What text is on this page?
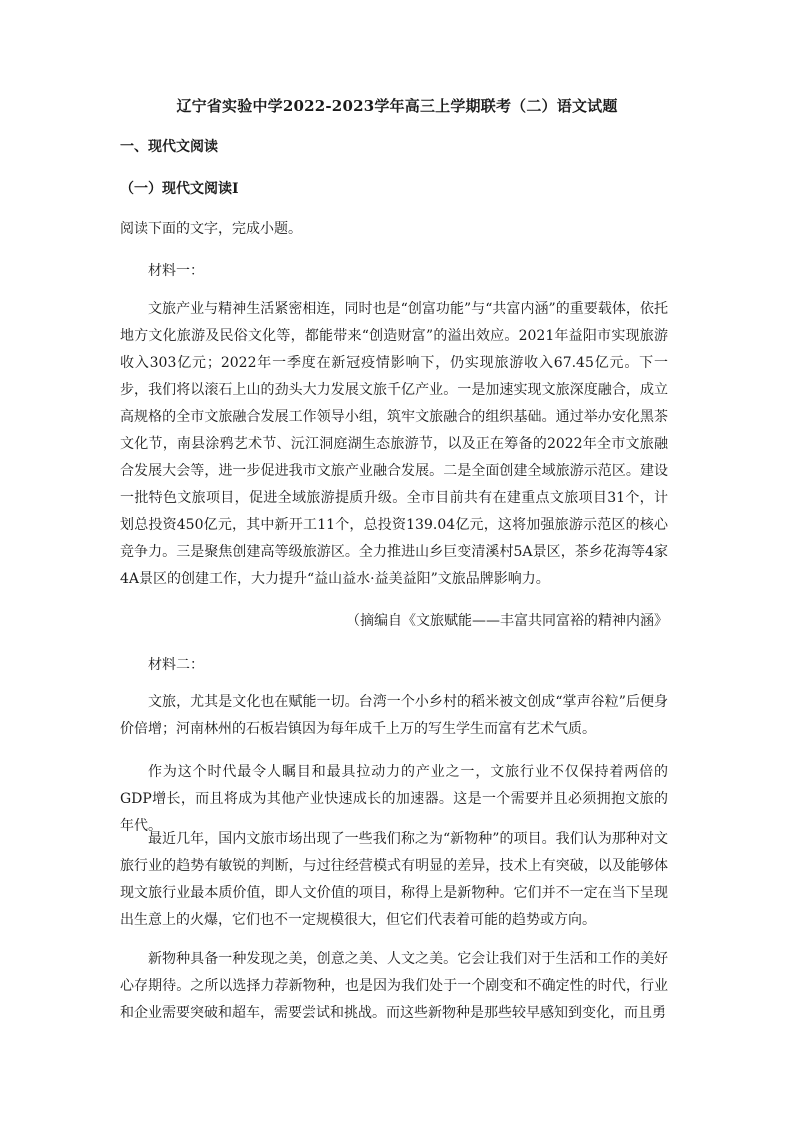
辽宁省实验中学2022-2023学年高三上学期联考（二）语文试题
一、现代文阅读
（一）现代文阅读Ⅰ
阅读下面的文字，完成小题。
材料一：

文旅产业与精神生活紧密相连，同时也是“创富功能”与“共富内涵”的重要载体，依托地方文化旅游及民俗文化等，都能带来“创造财富”的溢出效应。2021年益阳市实现旅游收入303亿元；2022年一季度在新冠疫情影响下，仍实现旅游收入67.45亿元。下一步，我们将以滚石上山的劲头大力发展文旅千亿产业。一是加速实现文旅深度融合，成立高规格的全市文旅融合发展工作领导小组，筑牢文旅融合的组织基础。通过举办安化黑茶文化节，南县涂鸦艺术节、沅江洞庭湖生态旅游节，以及正在筹备的2022年全市文旅融合发展大会等，进一步促进我市文旅产业融合发展。二是全面创建全域旅游示范区。建设一批特色文旅项目，促进全域旅游提质升级。全市目前共有在建重点文旅项目31个，计划总投资450亿元，其中新开工11个，总投资139.04亿元，这将加强旅游示范区的核心竞争力。三是聚焦创建高等级旅游区。全力推进山乡巨变清溪村5A景区，茶乡花海等4家4A景区的创建工作，大力提升“益山益水·益美益阳”文旅品牌影响力。

（摘编自《文旅赋能——丰富共同富裕的精神内涵》
材料二：

文旅，尤其是文化也在赋能一切。台湾一个小乡村的稻米被文创成“掌声谷粒”后便身价倍增；河南林州的石板岩镇因为每年成千上万的写生学生而富有艺术气质。

作为这个时代最令人瞩目和最具拉动力的产业之一，文旅行业不仅保持着两倍的GDP增长，而且将成为其他产业快速成长的加速器。这是一个需要并且必须拥抱文旅的年代。

最近几年，国内文旅市场出现了一些我们称之为“新物种”的项目。我们认为那种对文旅行业的趋势有敏锐的判断，与过往经营模式有明显的差异，技术上有突破，以及能够体现文旅行业最本质价值，即人文价值的项目，称得上是新物种。它们并不一定在当下呈现出生意上的火爆，它们也不一定规模很大，但它们代表着可能的趋势或方向。

新物种具备一种发现之美，创意之美、人文之美。它会让我们对于生活和工作的美好心存期待。之所以选择力荐新物种，也是因为我们处于一个剧变和不确定性的时代，行业和企业需要突破和超车，需要尝试和挑战。而这些新物种是那些较早感知到变化，而且勇
